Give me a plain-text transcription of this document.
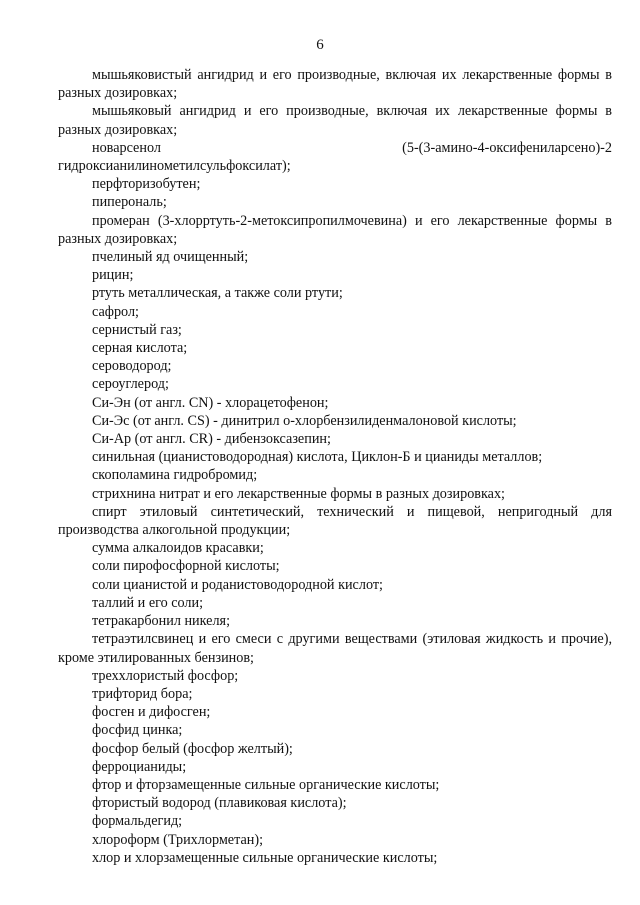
6

мышьяковистый ангидрид и его производные, включая их лекарственные формы в разных дозировках;

мышьяковый ангидрид и его производные, включая их лекарственные формы в разных дозировках;

новарсенол	(5-(3-амино-4-оксифениларсено)-2
гидроксианилинометилсульфоксилат);

перфторизобутен;

пиперональ;

промеран (3-хлорртуть-2-метоксипропилмочевина) и его лекарственные формы в разных дозировках;

пчелиный яд очищенный;

рицин;

ртуть металлическая, а также соли ртути;

сафрол;

сернистый газ;

серная кислота;

сероводород;

сероуглерод;

Си-Эн (от англ. CN) - хлорацетофенон;

Си-Эс (от англ. CS) - динитрил о-хлорбензилиденмалоновой кислоты;

Си-Ар (от англ. CR) - дибензоксазепин;

синильная (цианистоводородная) кислота, Циклон-Б и цианиды металлов;

скополамина гидробромид;

стрихнина нитрат и его лекарственные формы в разных дозировках;

спирт этиловый синтетический, технический и пищевой, непригодный для производства алкогольной продукции;

сумма алкалоидов красавки;

соли пирофосфорной кислоты;

соли цианистой и роданистоводородной кислот;

таллий и его соли;

тетракарбонил никеля;

тетраэтилсвинец и его смеси с другими веществами (этиловая жидкость и прочие), кроме этилированных бензинов;

треххлористый фосфор;

трифторид бора;

фосген и дифосген;

фосфид цинка;

фосфор белый (фосфор желтый);

ферроцианиды;

фтор и фторзамещенные сильные органические кислоты;

фтористый водород (плавиковая кислота);

формальдегид;

хлороформ (Трихлорметан);

хлор и хлорзамещенные сильные органические кислоты;
